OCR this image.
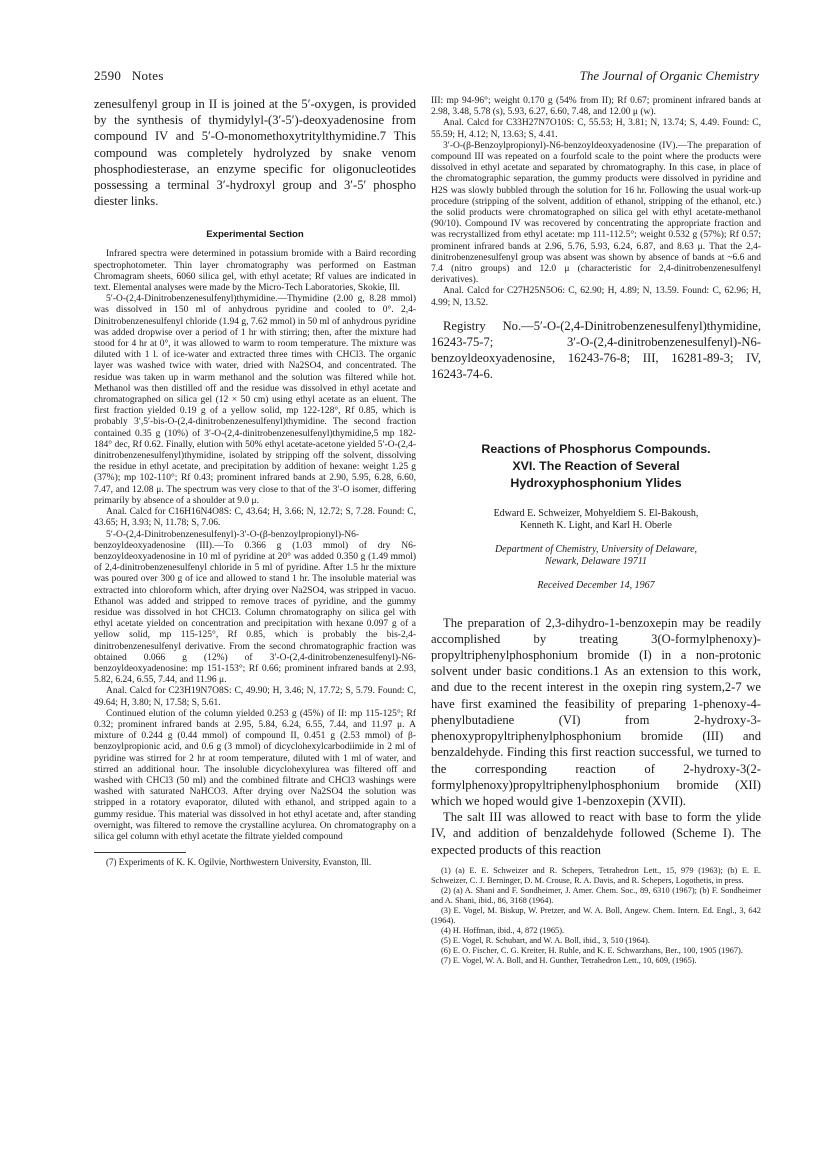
2590 Notes	The Journal of Organic Chemistry

zenesulfenyl group in II is joined at the 5′-oxygen, is provided by the synthesis of thymidylyl-(3′-5′)-deoxyadenosine from compound IV and 5′-O-monomethoxytritylthymidine.7 This compound was completely hydrolyzed by snake venom phosphodiesterase, an enzyme specific for oligonucleotides possessing a terminal 3′-hydroxyl group and 3′-5′ phospho diester links.

Experimental Section

Infrared spectra were determined in potassium bromide with a Baird recording spectrophotometer. Thin layer chromatography was performed on Eastman Chromagram sheets, 6060 silica gel, with ethyl acetate; Rf values are indicated in text. Elemental analyses were made by the Micro-Tech Laboratories, Skokie, Ill.

5′-O-(2,4-Dinitrobenzenesulfenyl)thymidine.—Thymidine (2.00 g, 8.28 mmol) was dissolved in 150 ml of anhydrous pyridine and cooled to 0°. 2,4-Dinitrobenzenesulfenyl chloride (1.94 g, 7.62 mmol) in 50 ml of anhydrous pyridine was added dropwise over a period of 1 hr with stirring; then, after the mixture had stood for 4 hr at 0°, it was allowed to warm to room temperature. The mixture was diluted with 1 l. of ice-water and extracted three times with CHCl3. The organic layer was washed twice with water, dried with Na2SO4, and concentrated. The residue was taken up in warm methanol and the solution was filtered while hot. Methanol was then distilled off and the residue was dissolved in ethyl acetate and chromatographed on silica gel (12 × 50 cm) using ethyl acetate as an eluent. The first fraction yielded 0.19 g of a yellow solid, mp 122-128°, Rf 0.85, which is probably 3′,5′-bis-O-(2,4-dinitrobenzenesulfenyl)thymidine. The second fraction contained 0.35 g (10%) of 3′-O-(2,4-dinitrobenzenesulfenyl)thymidine,5 mp 182-184° dec, Rf 0.62. Finally, elution with 50% ethyl acetate-acetone yielded 5′-O-(2,4-dinitrobenzenesulfenyl)thymidine, isolated by stripping off the solvent, dissolving the residue in ethyl acetate, and precipitation by addition of hexane: weight 1.25 g (37%); mp 102-110°; Rf 0.43; prominent infrared bands at 2.90, 5.95, 6.28, 6.60, 7.47, and 12.08 μ. The spectrum was very close to that of the 3′-O isomer, differing primarily by absence of a shoulder at 9.0 μ.

Anal. Calcd for C16H16N4O8S: C, 43.64; H, 3.66; N, 12.72; S, 7.28. Found: C, 43.65; H, 3.93; N, 11.78; S, 7.06.

5′-O-(2,4-Dinitrobenzenesulfenyl)-3′-O-(β-benzoylpropionyl)-N6-benzoyldeoxyadenosine (III).—To 0.366 g (1.03 mmol) of dry N6-benzoyldeoxyadenosine in 10 ml of pyridine at 20° was added 0.350 g (1.49 mmol) of 2,4-dinitrobenzenesulfenyl chloride in 5 ml of pyridine. After 1.5 hr the mixture was poured over 300 g of ice and allowed to stand 1 hr. The insoluble material was extracted into chloroform which, after drying over Na2SO4, was stripped in vacuo. Ethanol was added and stripped to remove traces of pyridine, and the gummy residue was dissolved in hot CHCl3. Column chromatography on silica gel with ethyl acetate yielded on concentration and precipitation with hexane 0.097 g of a yellow solid, mp 115-125°, Rf 0.85, which is probably the bis-2,4-dinitrobenzenesulfenyl derivative. From the second chromatographic fraction was obtained 0.066 g (12%) of 3′-O-(2,4-dinitrobenzenesulfenyl)-N6-benzoyldeoxyadenosine: mp 151-153°; Rf 0.66; prominent infrared bands at 2.93, 5.82, 6.24, 6.55, 7.44, and 11.96 μ.

Anal. Calcd for C23H19N7O8S: C, 49.90; H, 3.46; N, 17.72; S, 5.79. Found: C, 49.64; H, 3.80; N, 17.58; S, 5.61.

Continued elution of the column yielded 0.253 g (45%) of II: mp 115-125°; Rf 0.32; prominent infrared bands at 2.95, 5.84, 6.24, 6.55, 7.44, and 11.97 μ. A mixture of 0.244 g (0.44 mmol) of compound II, 0.451 g (2.53 mmol) of β-benzoylpropionic acid, and 0.6 g (3 mmol) of dicyclohexylcarbodiimide in 2 ml of pyridine was stirred for 2 hr at room temperature, diluted with 1 ml of water, and stirred an additional hour. The insoluble dicyclohexylurea was filtered off and washed with CHCl3 (50 ml) and the combined filtrate and CHCl3 washings were washed with saturated NaHCO3. After drying over Na2SO4 the solution was stripped in a rotatory evaporator, diluted with ethanol, and stripped again to a gummy residue. This material was dissolved in hot ethyl acetate and, after standing overnight, was filtered to remove the crystalline acylurea. On chromatography on a silica gel column with ethyl acetate the filtrate yielded compound

(7) Experiments of K. K. Ogilvie, Northwestern University, Evanston, Ill.

III: mp 94-96°; weight 0.170 g (54% from II); Rf 0.67; prominent infrared bands at 2.98, 3.48, 5.78 (s), 5.93, 6.27, 6.60, 7.48, and 12.00 μ (w).

Anal. Calcd for C33H27N7O10S: C, 55.53; H, 3.81; N, 13.74; S, 4.49. Found: C, 55.59; H, 4.12; N, 13.63; S, 4.41.

3′-O-(β-Benzoylpropionyl)-N6-benzoyldeoxyadenosine (IV).—The preparation of compound III was repeated on a fourfold scale to the point where the products were dissolved in ethyl acetate and separated by chromatography. In this case, in place of the chromatographic separation, the gummy products were dissolved in pyridine and H2S was slowly bubbled through the solution for 16 hr. Following the usual work-up procedure (stripping of the solvent, addition of ethanol, stripping of the ethanol, etc.) the solid products were chromatographed on silica gel with ethyl acetate-methanol (90/10). Compound IV was recovered by concentrating the appropriate fraction and was recrystallized from ethyl acetate: mp 111-112.5°; weight 0.532 g (57%); Rf 0.57; prominent infrared bands at 2.96, 5.76, 5.93, 6.24, 6.87, and 8.63 μ. That the 2,4-dinitrobenzenesulfenyl group was absent was shown by absence of bands at ~6.6 and 7.4 (nitro groups) and 12.0 μ (characteristic for 2,4-dinitrobenzenesulfenyl derivatives).

Anal. Calcd for C27H25N5O6: C, 62.90; H, 4.89; N, 13.59. Found: C, 62.96; H, 4.99; N, 13.52.

Registry No.—5′-O-(2,4-Dinitrobenzenesulfenyl)thymidine, 16243-75-7; 3′-O-(2,4-dinitrobenzenesulfenyl)-N6-benzoyldeoxyadenosine, 16243-76-8; III, 16281-89-3; IV, 16243-74-6.

Reactions of Phosphorus Compounds.
XVI. The Reaction of Several
Hydroxyphosphonium Ylides
Edward E. Schweizer, Mohyeldiem S. El-Bakoush,
Kenneth K. Light, and Karl H. Oberle
Department of Chemistry, University of Delaware,
Newark, Delaware 19711
Received December 14, 1967

The preparation of 2,3-dihydro-1-benzoxepin may be readily accomplished by treating 3(O-formylphenoxy)-propyltriphenylphosphonium bromide (I) in a non-protonic solvent under basic conditions.1 As an extension to this work, and due to the recent interest in the oxepin ring system,2-7 we have first examined the feasibility of preparing 1-phenoxy-4-phenylbutadiene (VI) from 2-hydroxy-3-phenoxypropyltriphenylphosphonium bromide (III) and benzaldehyde. Finding this first reaction successful, we turned to the corresponding reaction of 2-hydroxy-3(2-formylphenoxy)propyltriphenylphosphonium bromide (XII) which we hoped would give 1-benzoxepin (XVII).

The salt III was allowed to react with base to form the ylide IV, and addition of benzaldehyde followed (Scheme I). The expected products of this reaction

(1) (a) E. E. Schweizer and R. Schepers, Tetrahedron Lett., 15, 979 (1963); (b) E. E. Schweizer, C. J. Berninger, D. M. Crouse, R. A. Davis, and R. Schepers, Logothetis, in press.

(2) (a) A. Shani and F. Sondheimer, J. Amer. Chem. Soc., 89, 6310 (1967); (b) F. Sondheimer and A. Shani, ibid., 86, 3168 (1964).

(3) E. Vogel, M. Biskup, W. Pretzer, and W. A. Boll, Angew. Chem. Intern. Ed. Engl., 3, 642 (1964).

(4) H. Hoffman, ibid., 4, 872 (1965).

(5) E. Vogel, R. Schubart, and W. A. Boll, ibid., 3, 510 (1964).

(6) E. O. Fischer, C. G. Kreiter, H. Ruhle, and K. E. Schwarzhans, Ber., 100, 1905 (1967).

(7) E. Vogel, W. A. Boll, and H. Gunther, Tetrahedron Lett., 10, 609, (1965).
